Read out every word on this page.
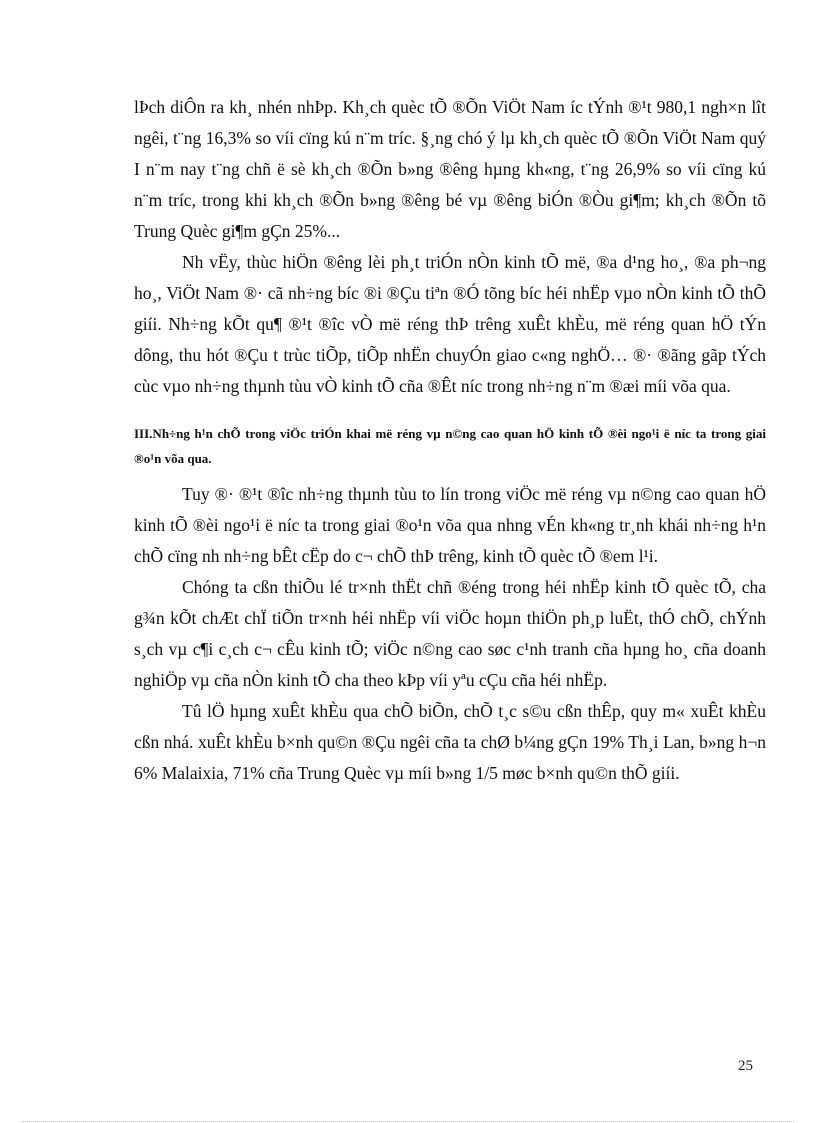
lÞch diÔn ra kh¸ nhén nhÞp. Kh¸ch quèc tÕ ®Õn ViÖt Nam íc tÝnh ®¹t 980,1 ngh×n lît ngêi, t¨ng 16,3% so víi cïng kú n¨m tríc. §¸ng chó ý lµ kh¸ch quèc tÕ ®Õn ViÖt Nam quý I n¨m nay t¨ng chñ ë sè kh¸ch ®Õn b»ng ®êng hµng kh«ng, t¨ng 26,9% so víi cïng kú n¨m tríc, trong khi kh¸ch ®Õn b»ng ®êng bé vµ ®êng biÓn ®Òu gi¶m; kh¸ch ®Õn tõ Trung Quèc gi¶m gÇn 25%...

Nh vËy, thùc hiÖn ®êng lèi ph¸t triÓn nÒn kinh tÕ më, ®a d¹ng ho¸, ®a ph¬ng ho¸, ViÖt Nam ®· cã nh÷ng bíc ®i ®Çu tiªn ®Ó tõng bíc héi nhËp vµo nÒn kinh tÕ thÕ giíi. Nh÷ng kÕt qu¶ ®¹t ®îc vÒ më réng thÞ trêng xuÊt khÈu, më réng quan hÖ tÝn dông, thu hót ®Çu t trùc tiÕp, tiÕp nhËn chuyÓn giao c«ng nghÖ… ®· ®ãng gãp tÝch cùc vµo nh÷ng thµnh tùu vÒ kinh tÕ cña ®Êt níc trong nh÷ng n¨m ®æi míi võa qua.

III.Nh÷ng h¹n chÕ trong viÖc triÓn khai më réng vµ n©ng cao quan hÖ kinh tÕ ®èi ngo¹i ë níc ta trong giai ®o¹n võa qua.

Tuy ®· ®¹t ®îc nh÷ng thµnh tùu to lín trong viÖc më réng vµ n©ng cao quan hÖ kinh tÕ ®èi ngo¹i ë níc ta trong giai ®o¹n võa qua nhng vÉn kh«ng tr¸nh khái nh÷ng h¹n chÕ cïng nh nh÷ng bÊt cËp do c¬ chÕ thÞ trêng, kinh tÕ quèc tÕ ®em l¹i.

Chóng ta cßn thiÕu lé tr×nh thËt chñ ®éng trong héi nhËp kinh tÕ quèc tÕ, cha g¾n kÕt chÆt chÏ tiÕn tr×nh héi nhËp víi viÖc hoµn thiÖn ph¸p luËt, thÓ chÕ, chÝnh s¸ch vµ c¶i c¸ch c¬ cÊu kinh tÕ; viÖc n©ng cao søc c¹nh tranh cña hµng ho¸ cña doanh nghiÖp vµ cña nÒn kinh tÕ cha theo kÞp víi yªu cÇu cña héi nhËp.

Tû lÖ hµng xuÊt khÈu qua chÕ biÕn, chÕ t¸c s©u cßn thÊp, quy m« xuÊt khÈu cßn nhá. xuÊt khÈu b×nh qu©n ®Çu ngêi cña ta chØ b¼ng gÇn 19% Th¸i Lan, b»ng h¬n 6% Malaixia, 71% cña Trung Quèc vµ míi b»ng 1/5 møc b×nh qu©n thÕ giíi.

25
